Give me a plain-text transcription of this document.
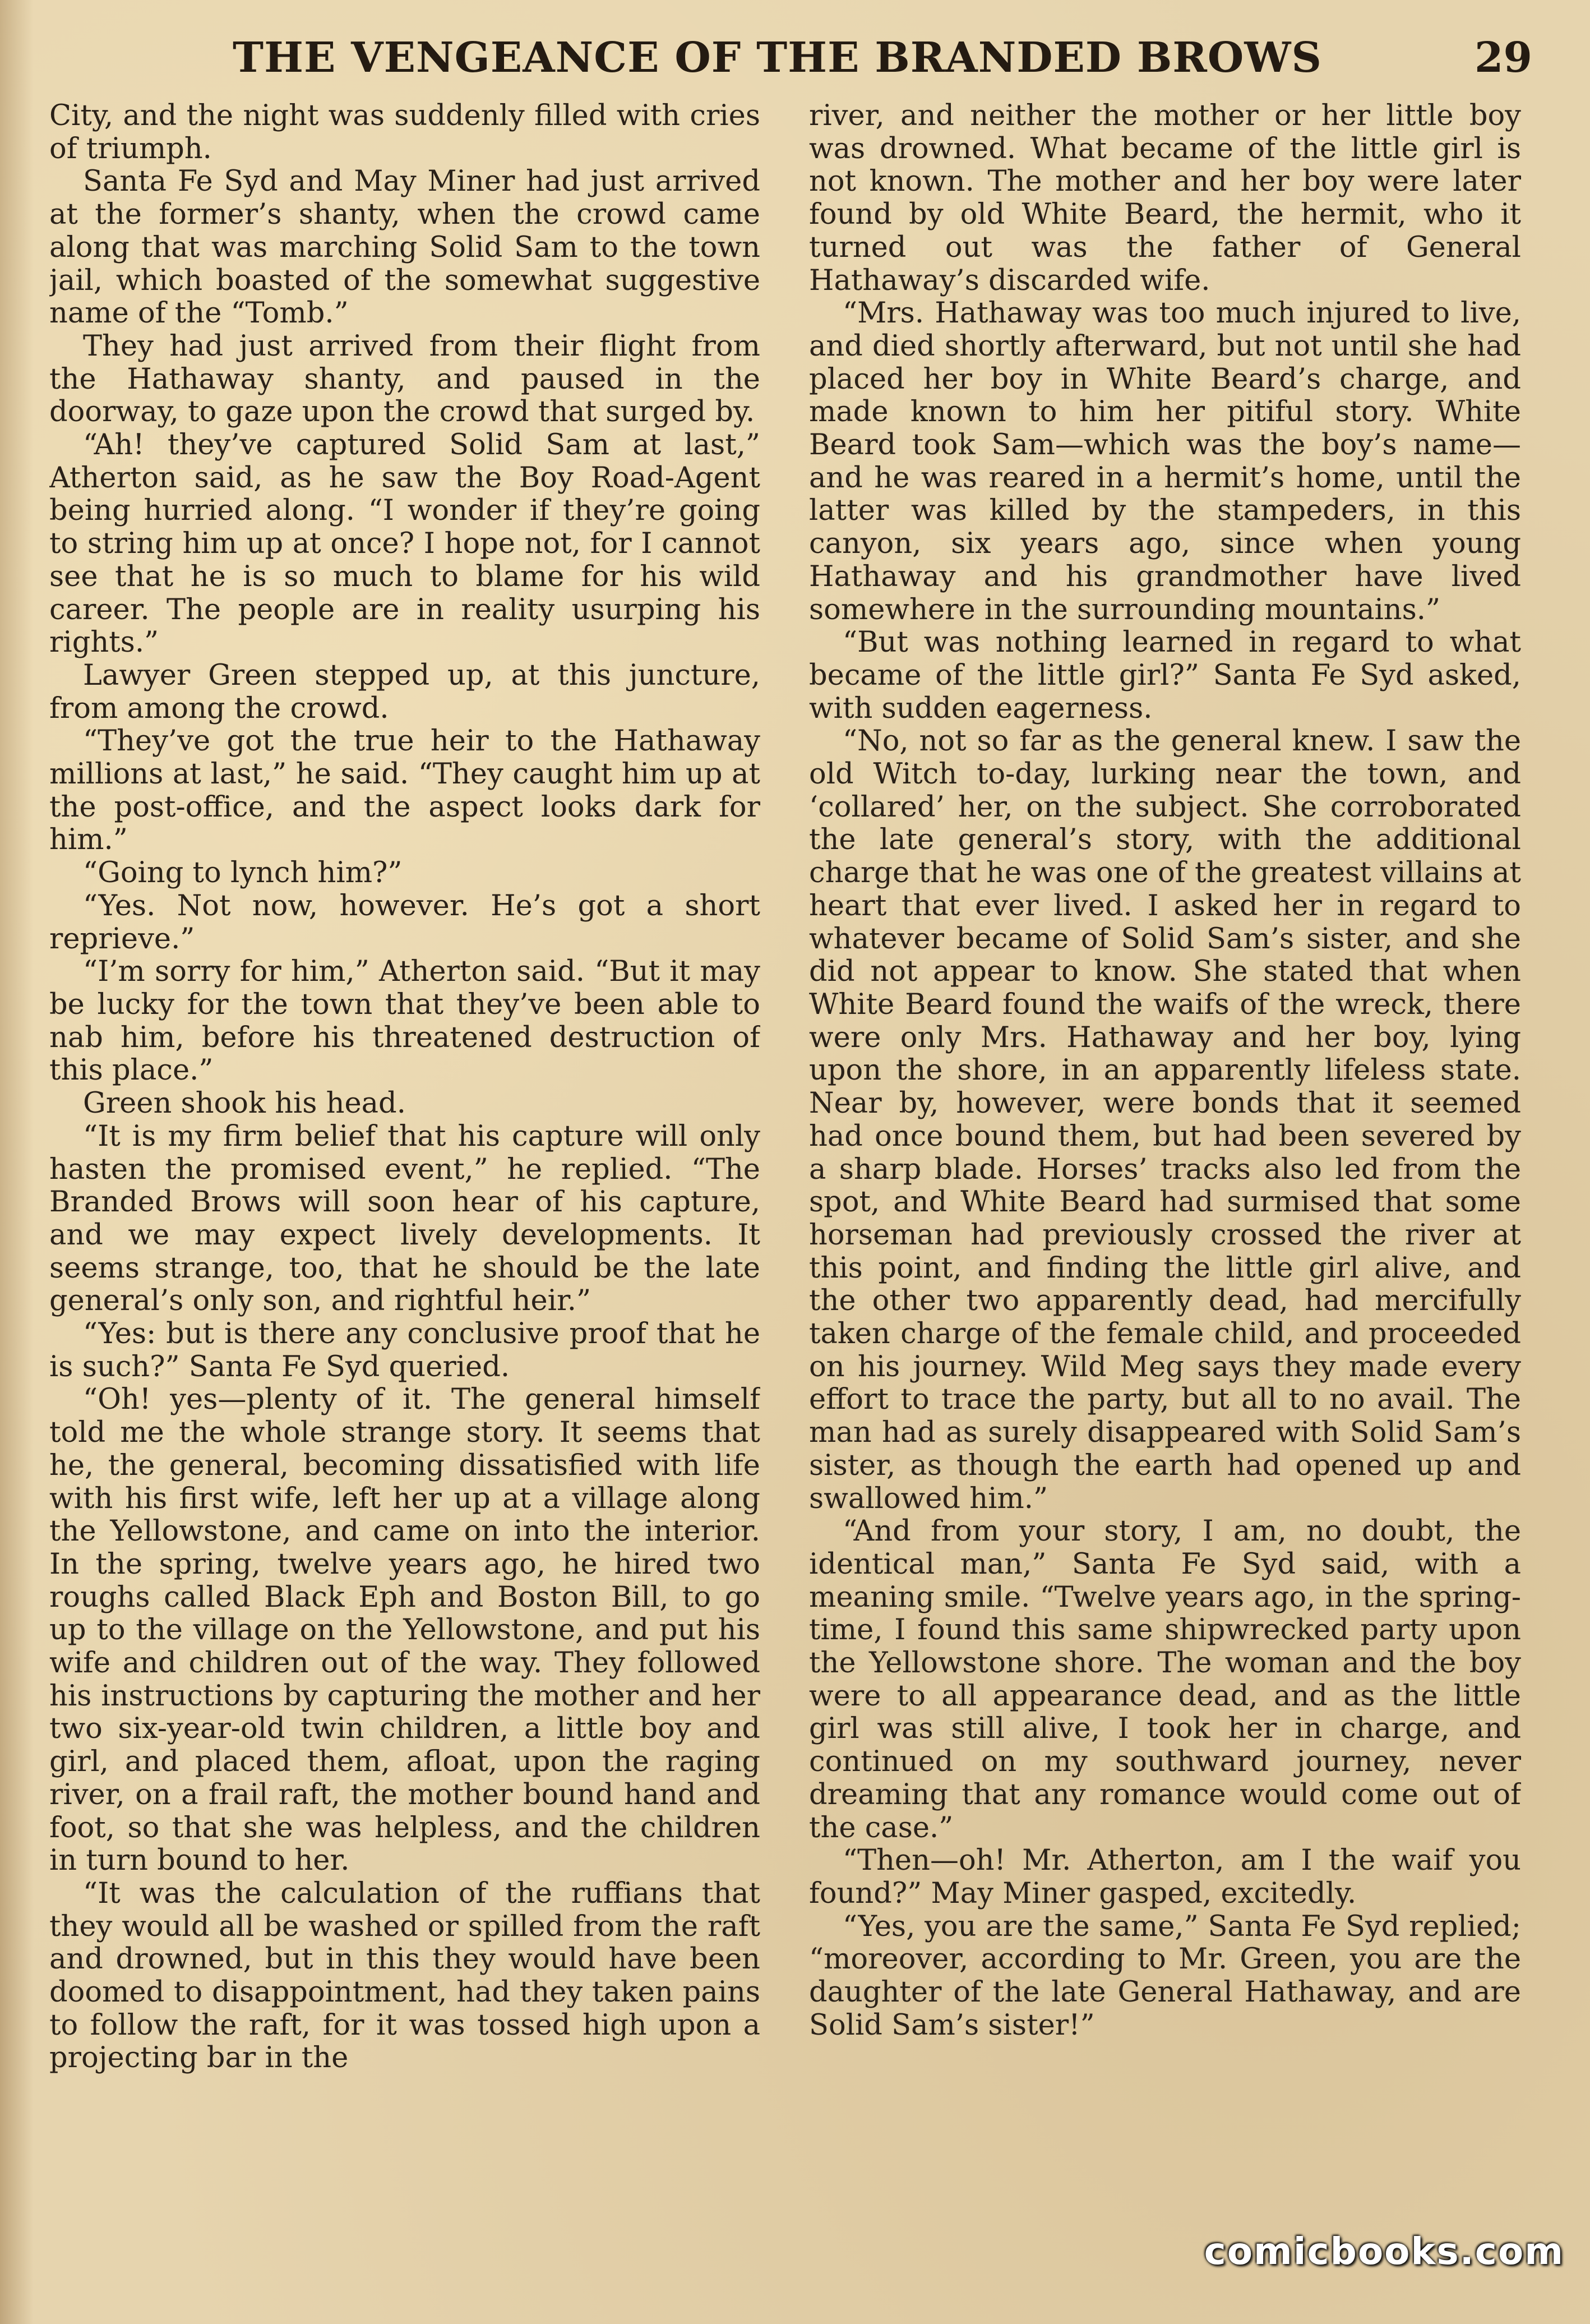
THE VENGEANCE OF THE BRANDED BROWS	29

City, and the night was suddenly filled with cries of triumph.

Santa Fe Syd and May Miner had just arrived at the former’s shanty, when the crowd came along that was marching Solid Sam to the town jail, which boasted of the somewhat suggestive name of the “Tomb.”

They had just arrived from their flight from the Hathaway shanty, and paused in the doorway, to gaze upon the crowd that surged by.

“Ah! they’ve captured Solid Sam at last,” Atherton said, as he saw the Boy Road-Agent being hurried along. “I wonder if they’re going to string him up at once? I hope not, for I cannot see that he is so much to blame for his wild career. The people are in reality usurping his rights.”

Lawyer Green stepped up, at this juncture, from among the crowd.

“They’ve got the true heir to the Hathaway millions at last,” he said. “They caught him up at the post-office, and the aspect looks dark for him.”

“Going to lynch him?”

“Yes. Not now, however. He’s got a short reprieve.”

“I’m sorry for him,” Atherton said. “But it may be lucky for the town that they’ve been able to nab him, before his threatened destruction of this place.”

Green shook his head.

“It is my firm belief that his capture will only hasten the promised event,” he replied. “The Branded Brows will soon hear of his capture, and we may expect lively developments. It seems strange, too, that he should be the late general’s only son, and rightful heir.”

“Yes: but is there any conclusive proof that he is such?” Santa Fe Syd queried.

“Oh! yes—plenty of it. The general himself told me the whole strange story. It seems that he, the general, becoming dissatisfied with life with his first wife, left her up at a village along the Yellowstone, and came on into the interior. In the spring, twelve years ago, he hired two roughs called Black Eph and Boston Bill, to go up to the village on the Yellowstone, and put his wife and children out of the way. They followed his instructions by capturing the mother and her two six-year-old twin children, a little boy and girl, and placed them, afloat, upon the raging river, on a frail raft, the mother bound hand and foot, so that she was helpless, and the children in turn bound to her.

“It was the calculation of the ruffians that they would all be washed or spilled from the raft and drowned, but in this they would have been doomed to disappointment, had they taken pains to follow the raft, for it was tossed high upon a projecting bar in the

river, and neither the mother or her little boy was drowned. What became of the little girl is not known. The mother and her boy were later found by old White Beard, the hermit, who it turned out was the father of General Hathaway’s discarded wife.

“Mrs. Hathaway was too much injured to live, and died shortly afterward, but not until she had placed her boy in White Beard’s charge, and made known to him her pitiful story. White Beard took Sam—which was the boy’s name—and he was reared in a hermit’s home, until the latter was killed by the stampeders, in this canyon, six years ago, since when young Hathaway and his grandmother have lived somewhere in the surrounding mountains.”

“But was nothing learned in regard to what became of the little girl?” Santa Fe Syd asked, with sudden eagerness.

“No, not so far as the general knew. I saw the old Witch to-day, lurking near the town, and ‘collared’ her, on the subject. She corroborated the late general’s story, with the additional charge that he was one of the greatest villains at heart that ever lived. I asked her in regard to whatever became of Solid Sam’s sister, and she did not appear to know. She stated that when White Beard found the waifs of the wreck, there were only Mrs. Hathaway and her boy, lying upon the shore, in an apparently lifeless state. Near by, however, were bonds that it seemed had once bound them, but had been severed by a sharp blade. Horses’ tracks also led from the spot, and White Beard had surmised that some horseman had previously crossed the river at this point, and finding the little girl alive, and the other two apparently dead, had mercifully taken charge of the female child, and proceeded on his journey. Wild Meg says they made every effort to trace the party, but all to no avail. The man had as surely disappeared with Solid Sam’s sister, as though the earth had opened up and swallowed him.”

“And from your story, I am, no doubt, the identical man,” Santa Fe Syd said, with a meaning smile. “Twelve years ago, in the spring-time, I found this same shipwrecked party upon the Yellowstone shore. The woman and the boy were to all appearance dead, and as the little girl was still alive, I took her in charge, and continued on my southward journey, never dreaming that any romance would come out of the case.”

“Then—oh! Mr. Atherton, am I the waif you found?” May Miner gasped, excitedly.

“Yes, you are the same,” Santa Fe Syd replied; “moreover, according to Mr. Green, you are the daughter of the late General Hathaway, and are Solid Sam’s sister!”

comicbooks.com
